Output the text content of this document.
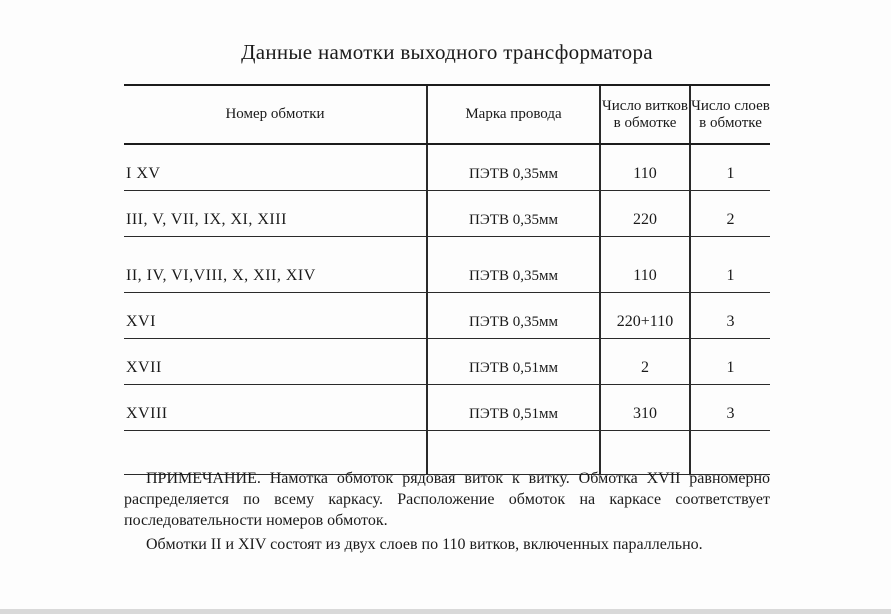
Данные намотки выходного трансформатора
Номер обмотки	Марка провода	Число витков в обмотке	Число слоев в обмотке
I XV	ПЭТВ 0,35мм	110	1
III, V, VII, IX, XI, XIII	ПЭТВ 0,35мм	220	2
II, IV, VI,VIII, X, XII, XIV	ПЭТВ 0,35мм	110	1
XVI	ПЭТВ 0,35мм	220+110	3
XVII	ПЭТВ 0,51мм	2	1
XVIII	ПЭТВ 0,51мм	310	3

ПРИМЕЧАНИЕ. Намотка обмоток рядовая виток к витку. Обмотка XVII равномерно распределяется по всему каркасу. Расположение обмоток на каркасе соответствует последовательности номеров обмоток.

Обмотки II и XIV состоят из двух слоев по 110 витков, включенных параллельно.
